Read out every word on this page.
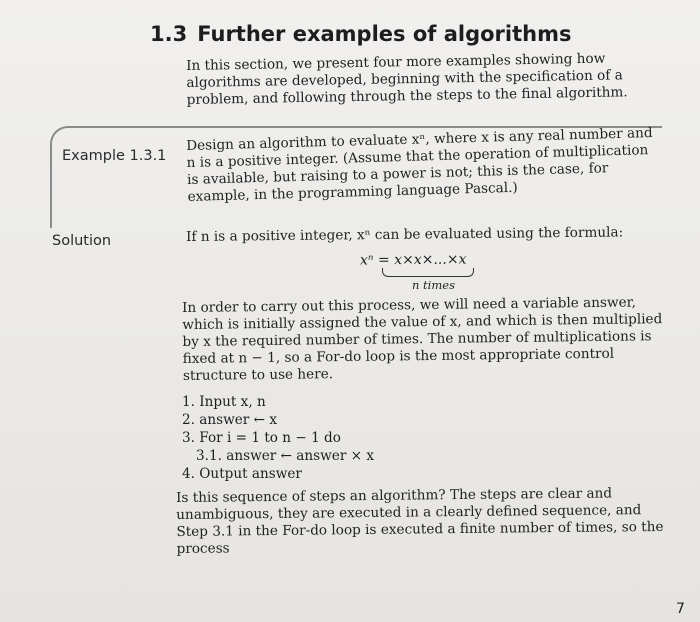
1.3 Further examples of algorithms
In this section, we present four more examples showing how algorithms are developed, beginning with the specification of a problem, and following through the steps to the final algorithm.
Example 1.3.1
Design an algorithm to evaluate xⁿ, where x is any real number and n is a positive integer. (Assume that the operation of multiplication is available, but raising to a power is not; this is the case, for example, in the programming language Pascal.)
Solution	If n is a positive integer, xⁿ can be evaluated using the formula:
xⁿ = x×x×...×x
n times
In order to carry out this process, we will need a variable answer, which is initially assigned the value of x, and which is then multiplied by x the required number of times. The number of multiplications is fixed at n − 1, so a For-do loop is the most appropriate control structure to use here.
1. Input x, n
2. answer ← x
3. For i = 1 to n − 1 do
3.1. answer ← answer × x
4. Output answer
Is this sequence of steps an algorithm? The steps are clear and unambiguous, they are executed in a clearly defined sequence, and Step 3.1 in the For-do loop is executed a finite number of times, so the process
7
